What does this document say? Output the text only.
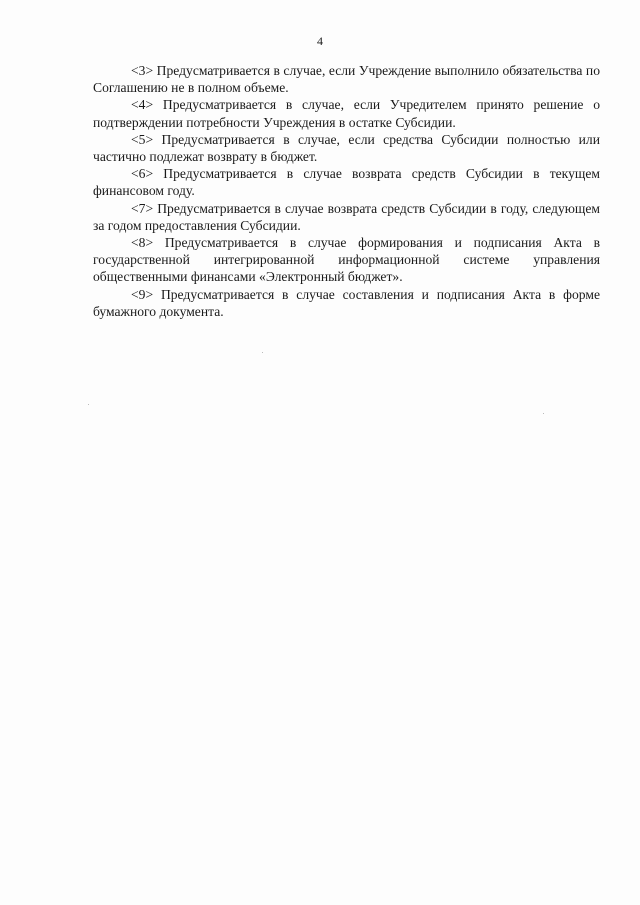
4

<3> Предусматривается в случае, если Учреждение выполнило обязательства по Соглашению не в полном объеме.

<4> Предусматривается в случае, если Учредителем принято решение о подтверждении потребности Учреждения в остатке Субсидии.

<5> Предусматривается в случае, если средства Субсидии полностью или частично подлежат возврату в бюджет.

<6> Предусматривается в случае возврата средств Субсидии в текущем финансовом году.

<7> Предусматривается в случае возврата средств Субсидии в году, следующем за годом предоставления Субсидии.

<8> Предусматривается в случае формирования и подписания Акта в государственной интегрированной информационной системе управления общественными финансами «Электронный бюджет».

<9> Предусматривается в случае составления и подписания Акта в форме бумажного документа.
